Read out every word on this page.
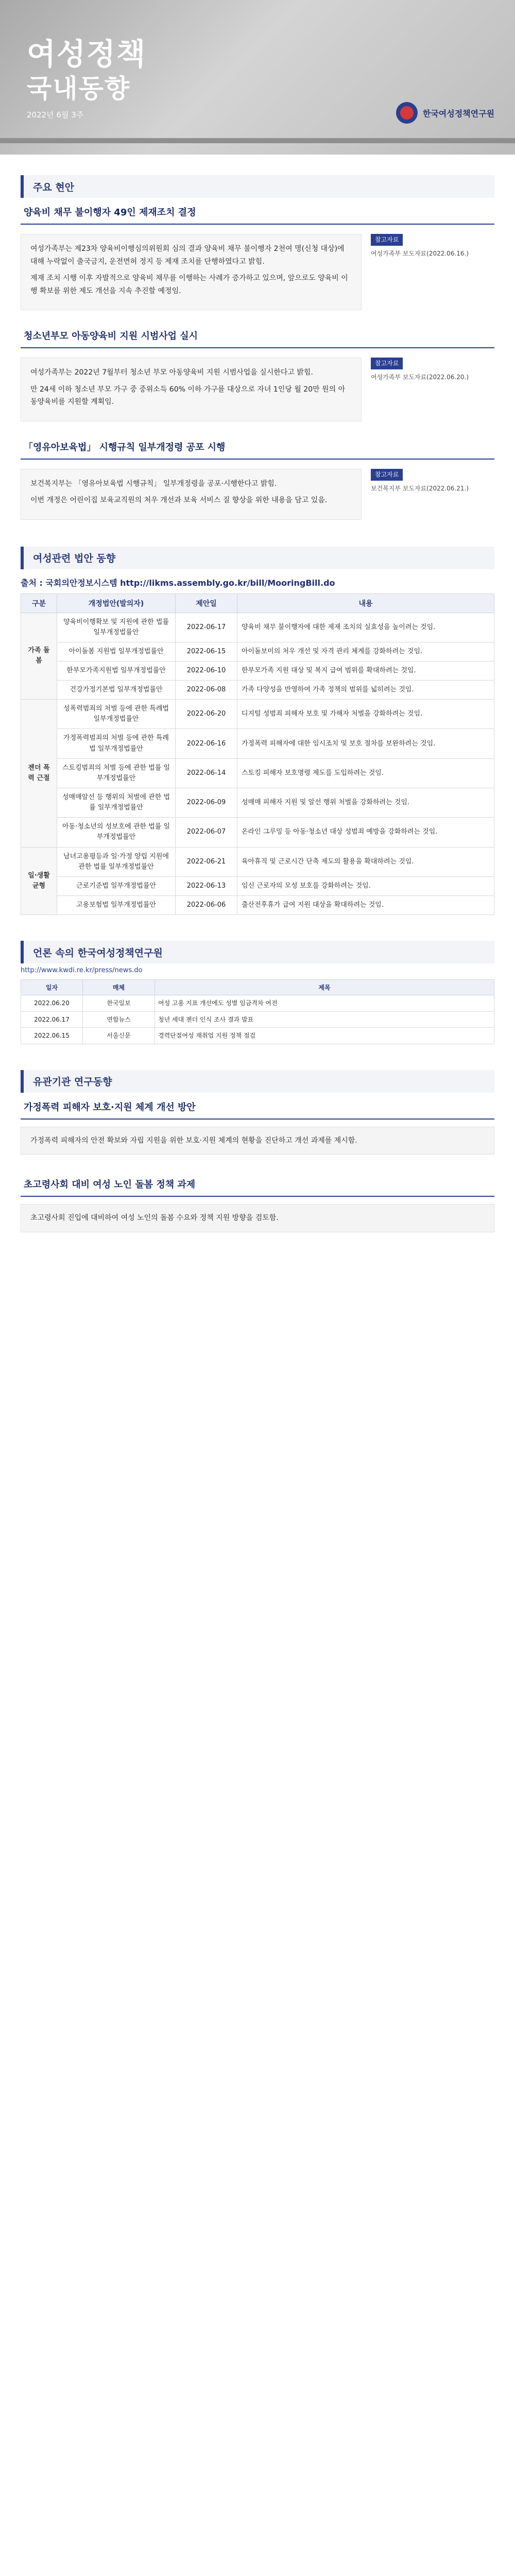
여성정책
국내동향
2022년 6월 3주	한국여성정책연구원
주요 현안
양육비 채무 불이행자 49인 제재조치 결정

여성가족부는 제23차 양육비이행심의위원회 심의 결과 양육비 채무 불이행자 2천여 명(신청 대상)에 대해 누락없이 출국금지, 운전면허 정지 등 제재 조치를 단행하였다고 밝힘.

제재 조치 시행 이후 자발적으로 양육비 채무를 이행하는 사례가 증가하고 있으며, 앞으로도 양육비 이행 확보를 위한 제도 개선을 지속 추진할 예정임.

참고자료
여성가족부 보도자료(2022.06.16.)
청소년부모 아동양육비 지원 시범사업 실시

여성가족부는 2022년 7월부터 청소년 부모 아동양육비 지원 시범사업을 실시한다고 밝힘.

만 24세 이하 청소년 부모 가구 중 중위소득 60% 이하 가구를 대상으로 자녀 1인당 월 20만 원의 아동양육비를 지원할 계획임.

참고자료
여성가족부 보도자료(2022.06.20.)
「영유아보육법」 시행규칙 일부개정령 공포 시행

보건복지부는 「영유아보육법 시행규칙」 일부개정령을 공포·시행한다고 밝힘.

이번 개정은 어린이집 보육교직원의 처우 개선과 보육 서비스 질 향상을 위한 내용을 담고 있음.

참고자료
보건복지부 보도자료(2022.06.21.)
여성관련 법안 동향
출처 : 국회의안정보시스템 http://likms.assembly.go.kr/bill/MooringBill.do
구분	개정법안(발의자)	제안일	내용
가족 돌봄	양육비이행확보 및 지원에 관한 법률 일부개정법률안	2022-06-17	양육비 채무 불이행자에 대한 제재 조치의 실효성을 높이려는 것임.
	아이돌봄 지원법 일부개정법률안	2022-06-15	아이돌보미의 처우 개선 및 자격 관리 체계를 강화하려는 것임.
	한부모가족지원법 일부개정법률안	2022-06-10	한부모가족 지원 대상 및 복지 급여 범위를 확대하려는 것임.
	건강가정기본법 일부개정법률안	2022-06-08	가족 다양성을 반영하여 가족 정책의 범위를 넓히려는 것임.
젠더 폭력 근절	성폭력범죄의 처벌 등에 관한 특례법 일부개정법률안	2022-06-20	디지털 성범죄 피해자 보호 및 가해자 처벌을 강화하려는 것임.
	가정폭력범죄의 처벌 등에 관한 특례법 일부개정법률안	2022-06-16	가정폭력 피해자에 대한 임시조치 및 보호 절차를 보완하려는 것임.
	스토킹범죄의 처벌 등에 관한 법률 일부개정법률안	2022-06-14	스토킹 피해자 보호명령 제도를 도입하려는 것임.
	성매매알선 등 행위의 처벌에 관한 법률 일부개정법률안	2022-06-09	성매매 피해자 지원 및 알선 행위 처벌을 강화하려는 것임.
	아동·청소년의 성보호에 관한 법률 일부개정법률안	2022-06-07	온라인 그루밍 등 아동·청소년 대상 성범죄 예방을 강화하려는 것임.
일·생활 균형	남녀고용평등과 일·가정 양립 지원에 관한 법률 일부개정법률안	2022-06-21	육아휴직 및 근로시간 단축 제도의 활용을 확대하려는 것임.
	근로기준법 일부개정법률안	2022-06-13	임신 근로자의 모성 보호를 강화하려는 것임.
	고용보험법 일부개정법률안	2022-06-06	출산전후휴가 급여 지원 대상을 확대하려는 것임.
언론 속의 한국여성정책연구원
http://www.kwdi.re.kr/press/news.do
일자	매체	제목
2022.06.20	한국일보	여성 고용 지표 개선에도 성별 임금격차 여전
2022.06.17	연합뉴스	청년 세대 젠더 인식 조사 결과 발표
2022.06.15	서울신문	경력단절여성 재취업 지원 정책 점검
유관기관 연구동향
가정폭력 피해자 보호·지원 체계 개선 방안
가정폭력 피해자의 안전 확보와 자립 지원을 위한 보호·지원 체계의 현황을 진단하고 개선 과제를 제시함.
초고령사회 대비 여성 노인 돌봄 정책 과제
초고령사회 진입에 대비하여 여성 노인의 돌봄 수요와 정책 지원 방향을 검토함.
